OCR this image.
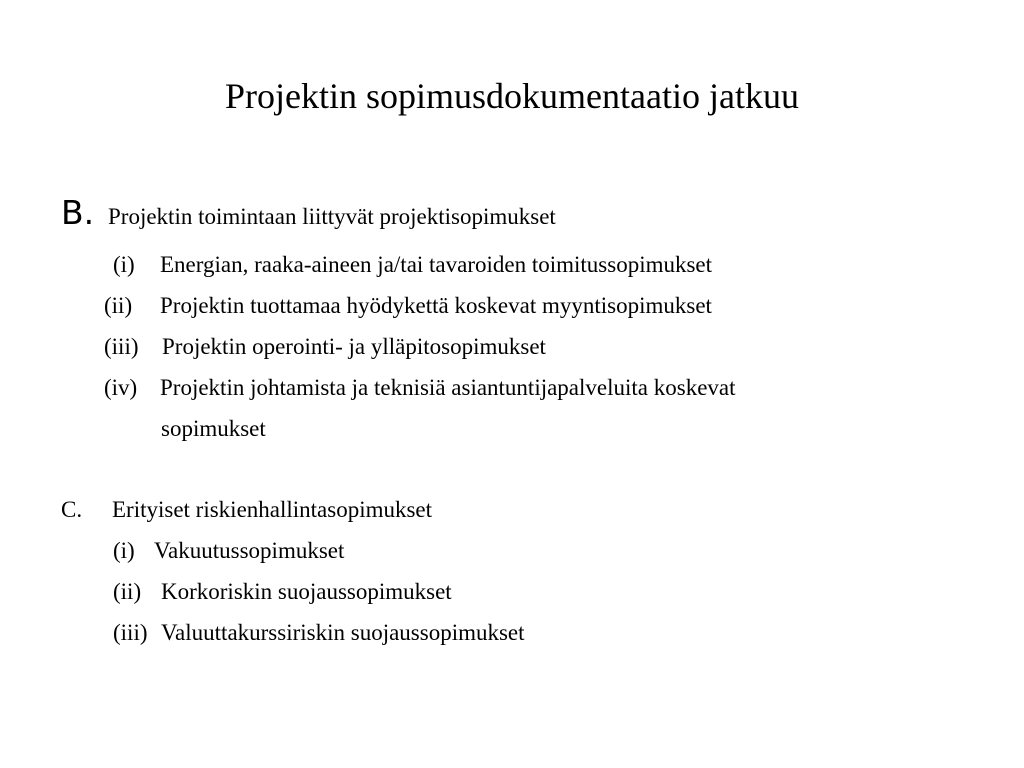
Projektin sopimusdokumentaatio jatkuu
B. Projektin toimintaan liittyvät projektisopimukset
(i) Energian, raaka-aineen ja/tai tavaroiden toimitussopimukset
(ii) Projektin tuottamaa hyödykettä koskevat myyntisopimukset
(iii) Projektin operointi- ja ylläpitosopimukset
(iv) Projektin johtamista ja teknisiä asiantuntijapalveluita koskevat
sopimukset
C. Erityiset riskienhallintasopimukset
(i) Vakuutussopimukset
(ii) Korkoriskin suojaussopimukset
(iii) Valuuttakurssiriskin suojaussopimukset
